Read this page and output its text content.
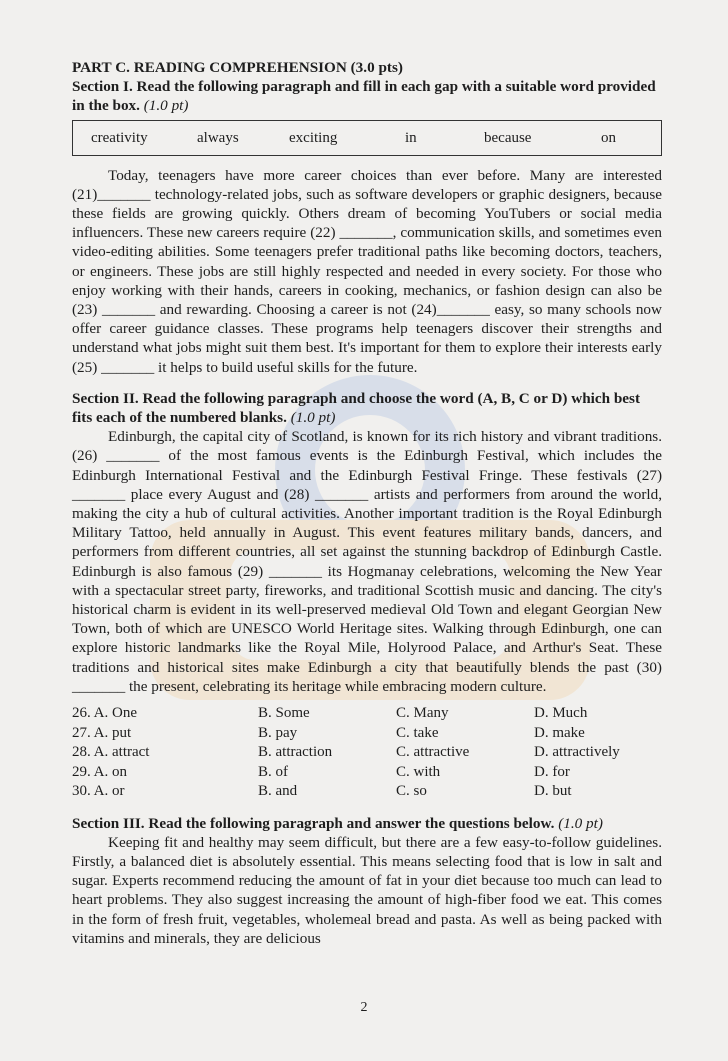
PART C. READING COMPREHENSION (3.0 pts)
Section I. Read the following paragraph and fill in each gap with a suitable word provided in the box. (1.0 pt)
creativity	always	exciting	in	because	on

Today, teenagers have more career choices than ever before. Many are interested (21)_______ technology-related jobs, such as software developers or graphic designers, because these fields are growing quickly. Others dream of becoming YouTubers or social media influencers. These new careers require (22) _______, communication skills, and sometimes even video-editing abilities. Some teenagers prefer traditional paths like becoming doctors, teachers, or engineers. These jobs are still highly respected and needed in every society. For those who enjoy working with their hands, careers in cooking, mechanics, or fashion design can also be (23) _______ and rewarding. Choosing a career is not (24)_______ easy, so many schools now offer career guidance classes. These programs help teenagers discover their strengths and understand what jobs might suit them best. It's important for them to explore their interests early (25) _______ it helps to build useful skills for the future.

Section II. Read the following paragraph and choose the word (A, B, C or D) which best fits each of the numbered blanks. (1.0 pt)

Edinburgh, the capital city of Scotland, is known for its rich history and vibrant traditions. (26) _______ of the most famous events is the Edinburgh Festival, which includes the Edinburgh International Festival and the Edinburgh Festival Fringe. These festivals (27) _______ place every August and (28) _______ artists and performers from around the world, making the city a hub of cultural activities. Another important tradition is the Royal Edinburgh Military Tattoo, held annually in August. This event features military bands, dancers, and performers from different countries, all set against the stunning backdrop of Edinburgh Castle. Edinburgh is also famous (29) _______ its Hogmanay celebrations, welcoming the New Year with a spectacular street party, fireworks, and traditional Scottish music and dancing. The city's historical charm is evident in its well-preserved medieval Old Town and elegant Georgian New Town, both of which are UNESCO World Heritage sites. Walking through Edinburgh, one can explore historic landmarks like the Royal Mile, Holyrood Palace, and Arthur's Seat. These traditions and historical sites make Edinburgh a city that beautifully blends the past (30) _______ the present, celebrating its heritage while embracing modern culture.

26. A. One	B. Some	C. Many	D. Much
27. A. put	B. pay	C. take	D. make
28. A. attract	B. attraction	C. attractive	D. attractively
29. A. on	B. of	C. with	D. for
30. A. or	B. and	C. so	D. but
Section III. Read the following paragraph and answer the questions below. (1.0 pt)

Keeping fit and healthy may seem difficult, but there are a few easy-to-follow guidelines. Firstly, a balanced diet is absolutely essential. This means selecting food that is low in salt and sugar. Experts recommend reducing the amount of fat in your diet because too much can lead to heart problems. They also suggest increasing the amount of high-fiber food we eat. This comes in the form of fresh fruit, vegetables, wholemeal bread and pasta. As well as being packed with vitamins and minerals, they are delicious

2
